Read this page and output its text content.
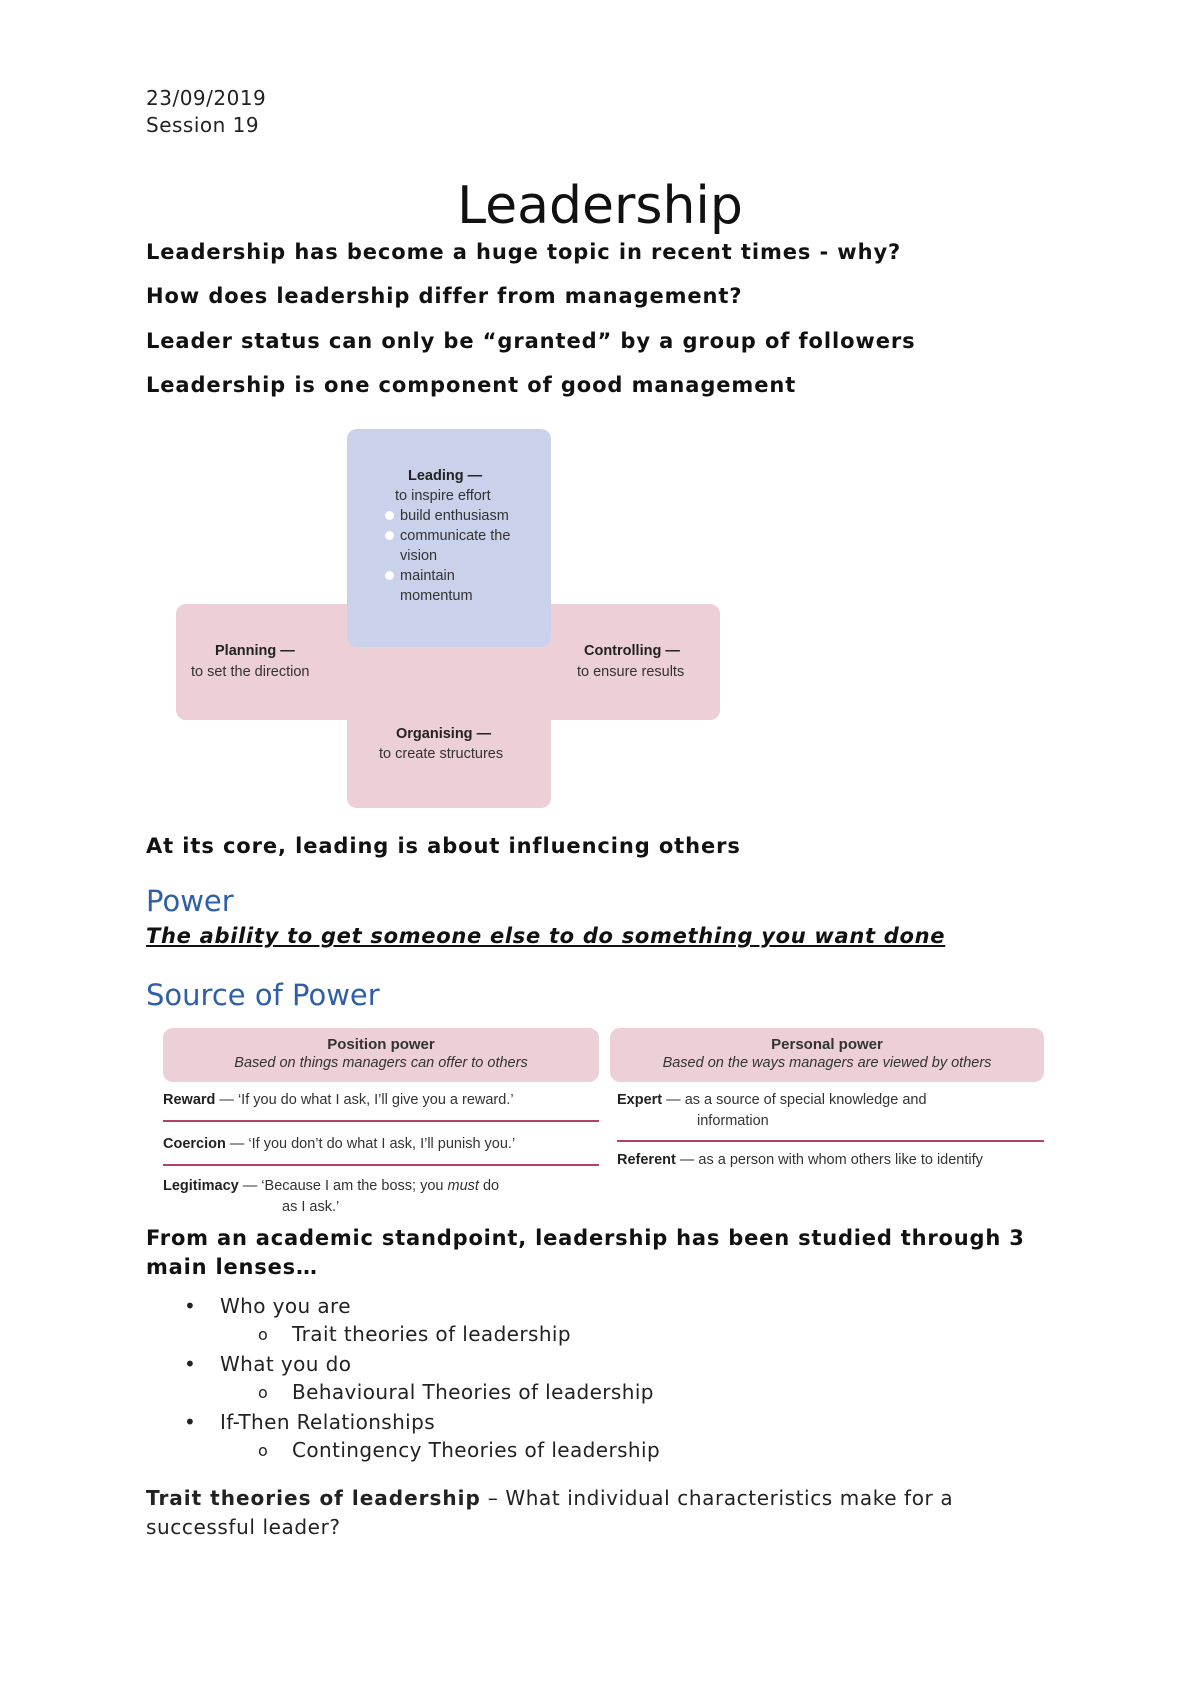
23/09/2019
Session 19
Leadership
Leadership has become a huge topic in recent times - why?
How does leadership differ from management?
Leader status can only be “granted” by a group of followers
Leadership is one component of good management
Leading —
to inspire effort
build enthusiasm
communicate the vision
maintain momentum
Planning —
to set the direction
Controlling —
to ensure results
Organising —
to create structures
At its core, leading is about influencing others
Power
The ability to get someone else to do something you want done
Source of Power
Position power
Based on things managers can offer to others
Personal power
Based on the ways managers are viewed by others
Reward — ‘If you do what I ask, I’ll give you a reward.’
Coercion — ‘If you don’t do what I ask, I’ll punish you.’
Legitimacy — ‘Because I am the boss; you must do
as I ask.’
Expert — as a source of special knowledge and
information
Referent — as a person with whom others like to identify
From an academic standpoint, leadership has been studied through 3 main lenses…
• Who you are
o Trait theories of leadership
• What you do
o Behavioural Theories of leadership
• If-Then Relationships
o Contingency Theories of leadership
Trait theories of leadership – What individual characteristics make for a successful leader?
